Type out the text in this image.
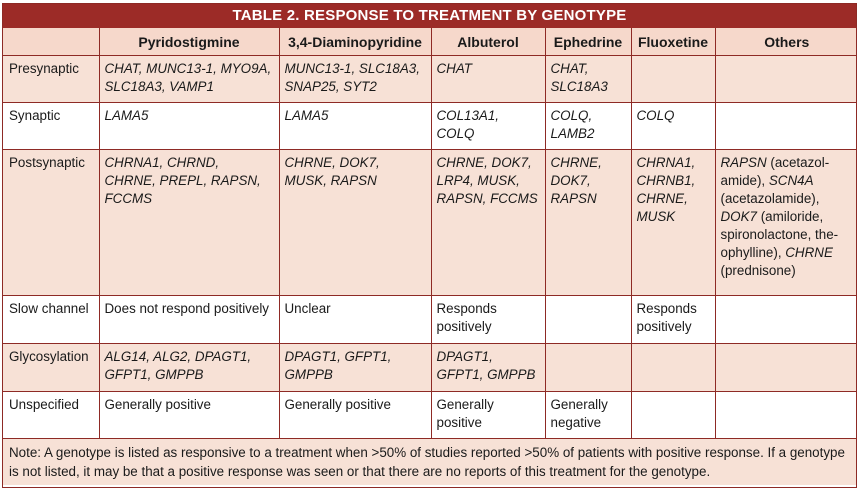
TABLE 2. RESPONSE TO TREATMENT BY GENOTYPE
	Pyridostigmine	3,4-Diaminopyridine	Albuterol	Ephedrine	Fluoxetine	Others
Presynaptic	CHAT, MUNC13-1, MYO9A, SLC18A3, VAMP1	MUNC13-1, SLC18A3, SNAP25, SYT2	CHAT	CHAT, SLC18A3		
Synaptic	LAMA5	LAMA5	COL13A1, COLQ	COLQ, LAMB2	COLQ	
Postsynaptic	CHRNA1, CHRND, CHRNE, PREPL, RAPSN, FCCMS	CHRNE, DOK7, MUSK, RAPSN	CHRNE, DOK7, LRP4, MUSK, RAPSN, FCCMS	CHRNE, DOK7, RAPSN	CHRNA1, CHRNB1, CHRNE, MUSK	RAPSN (acetazolamide), SCN4A (acetazolamide), DOK7 (amiloride, spironolactone, theophylline), CHRNE (prednisone)
Slow channel	Does not respond positively	Unclear	Responds positively		Responds positively	
Glycosylation	ALG14, ALG2, DPAGT1, GFPT1, GMPPB	DPAGT1, GFPT1, GMPPB	DPAGT1, GFPT1, GMPPB			
Unspecified	Generally positive	Generally positive	Generally positive	Generally negative		
Note: A genotype is listed as responsive to a treatment when >50% of studies reported >50% of patients with positive response. If a genotype is not listed, it may be that a positive response was seen or that there are no reports of this treatment for the genotype.
